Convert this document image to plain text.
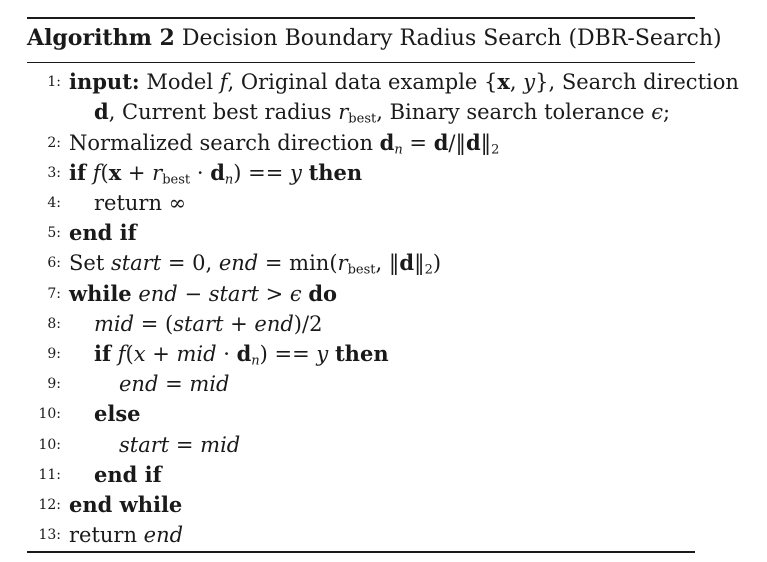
Algorithm 2 Decision Boundary Radius Search (DBR-Search)
1: input: Model f, Original data example {x, y}, Search direction
d, Current best radius $r_{best}$, Binary search tolerance ϵ;
2: Normalized search direction $d_n$ = $d/‖d‖_2$
3: if $f(x + r_{best} \cdot d_n) == y$ then
4: return ∞
5: end if
6: Set start = 0, end = $\min(r_{best}$, $‖d‖_2$)
7: while end − start > ϵ do
8: mid = (start + end)/2
9: if f(x + mid · $d_n) == y$ then
9:	end = mid
10: else
10:	start = mid
11: end if
12: end while
13: return end
